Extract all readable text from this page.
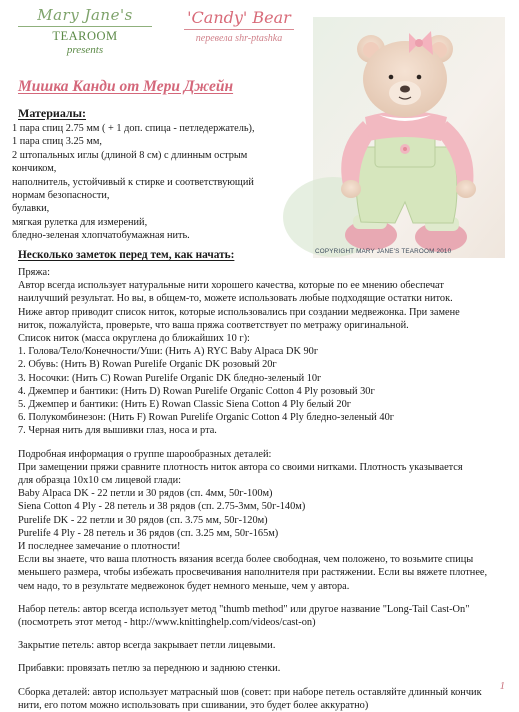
Mary Jane's
TEAROOM
presents
'Candy' Bear
перевела shr-ptashka
Мишка Канди от Мери Джейн
COPYRIGHT MARY JANE'S TEAROOM 2010
Материалы:
1 пара спиц 2.75 мм ( + 1 доп. спица - петледержатель),
1 пара спиц 3.25 мм,
2 штопальных иглы (длиной 8 см) с длинным острым
кончиком,
наполнитель, устойчивый к стирке и соответствующий
нормам безопасности,
булавки,
мягкая рулетка для измерений,
бледно-зеленая хлопчатобумажная нить.
Несколько заметок перед тем, как начать:
Пряжа:
Автор всегда использует натуральные нити хорошего качества, которые по ее мнению обеспечат
наилучший результат. Но вы, в общем-то, можете использовать любые подходящие остатки ниток.
Ниже автор приводит список ниток, которые использовались при создании медвежонка. При замене
ниток, пожалуйста, проверьте, что ваша пряжа соответствует по метражу оригинальной.
Список ниток (масса округлена до ближайших 10 г):
1. Голова/Тело/Конечности/Уши: (Нить A) RYC Baby Alpaca DK 90г
2. Обувь: (Нить B) Rowan Purelife Organic DK розовый 20г
3. Носочки: (Нить C) Rowan Purelife Organic DK бледно-зеленый 10г
4. Джемпер и бантики: (Нить D) Rowan Purelife Organic Cotton 4 Ply розовый 30г
5. Джемпер и бантики: (Нить E) Rowan Classic Siena Cotton 4 Ply белый 20г
6. Полукомбинезон: (Нить F) Rowan Purelife Organic Cotton 4 Ply бледно-зеленый 40г
7. Черная нить для вышивки глаз, носа и рта.
Подробная информация о группе шарообразных деталей:
При замещении пряжи сравните плотность ниток автора со своими нитками. Плотность указывается
для образца 10x10 см лицевой глади:
Baby Alpaca DK - 22 петли и 30 рядов (сп. 4мм, 50г-100м)
Siena Cotton 4 Ply - 28 петель и 38 рядов (сп. 2.75-3мм, 50г-140м)
Purelife DK - 22 петли и 30 рядов (сп. 3.75 мм, 50г-120м)
Purelife 4 Ply - 28 петель и 36 рядов (сп. 3.25 мм, 50г-165м)
И последнее замечание о плотности!
Если вы знаете, что ваша плотность вязания всегда более свободная, чем положено, то возьмите спицы
меньшего размера, чтобы избежать просвечивания наполнителя при растяжении. Если вы вяжете плотнее,
чем надо, то в результате медвежонок будет немного меньше, чем у автора.
Набор петель: автор всегда использует метод "thumb method" или другое название "Long-Tail Cast-On"
(посмотреть этот метод - http://www.knittinghelp.com/videos/cast-on)
Закрытие петель: автор всегда закрывает петли лицевыми.
Прибавки: провязать петлю за переднюю и заднюю стенки.
Сборка деталей: автор использует матрасный шов (совет: при наборе петель оставляйте длинный кончик
нити, его потом можно использовать при сшивании, это будет более аккуратно)
1
